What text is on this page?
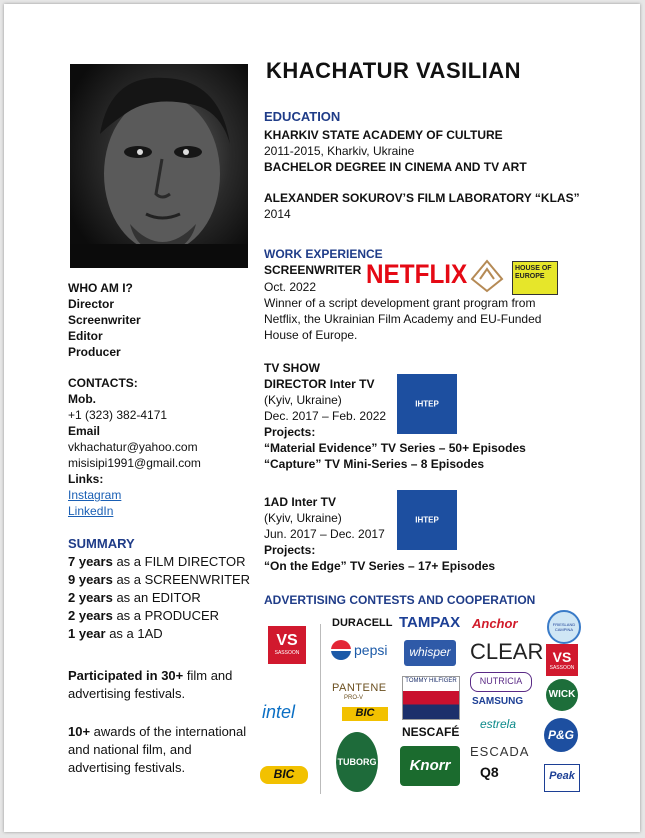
KHACHATUR VASILIAN
WHO AM I?
Director
Screenwriter
Editor
Producer
CONTACTS:
Mob.
+1 (323) 382-4171
Email
vkhachatur@yahoo.com
misisipi1991@gmail.com
Links:
Instagram
LinkedIn
SUMMARY
7 years as a FILM DIRECTOR
9 years as a SCREENWRITER
2 years as an EDITOR
2 years as a PRODUCER
1 year as a 1AD
Participated in 30+ film and advertising festivals.
10+ awards of the international and national film, and advertising festivals.
EDUCATION
KHARKIV STATE ACADEMY OF CULTURE
2011-2015, Kharkiv, Ukraine
BACHELOR DEGREE IN CINEMA AND TV ART
ALEXANDER SOKUROV’S FILM LABORATORY “KLAS”
2014
WORK EXPERIENCE
SCREENWRITER
Oct. 2022 NETFLIX	HOUSE OF EUROPE
Winner of a script development grant program from Netflix, the Ukrainian Film Academy and EU-Funded House of Europe.
TV SHOW
DIRECTOR Inter TV
(Kyiv, Ukraine)
Dec. 2017 – Feb. 2022
Projects:
“Material Evidence” TV Series – 50+ Episodes
“Capture” TV Mini-Series – 8 Episodes
ІНТЕР
1AD Inter TV
(Kyiv, Ukraine)
Jun. 2017 – Dec. 2017
Projects:
“On the Edge” TV Series – 17+ Episodes
ІНТЕР
ADVERTISING CONTESTS AND COOPERATION
VS
SASSOON
DURACELL TAMPAX Anchor	FRIESLAND CAMPINA
pepsi	whisper CLEAR VS
SASSOON
PANTENE
PRO-V
TOMMY HILFIGER	NUTRICIA
SAMSUNG
WICK
intel	BIC
NESCAFÉ
estrela
P&G
BIC
TUBORG	Knorr
ESCADA
Q8	Peak
